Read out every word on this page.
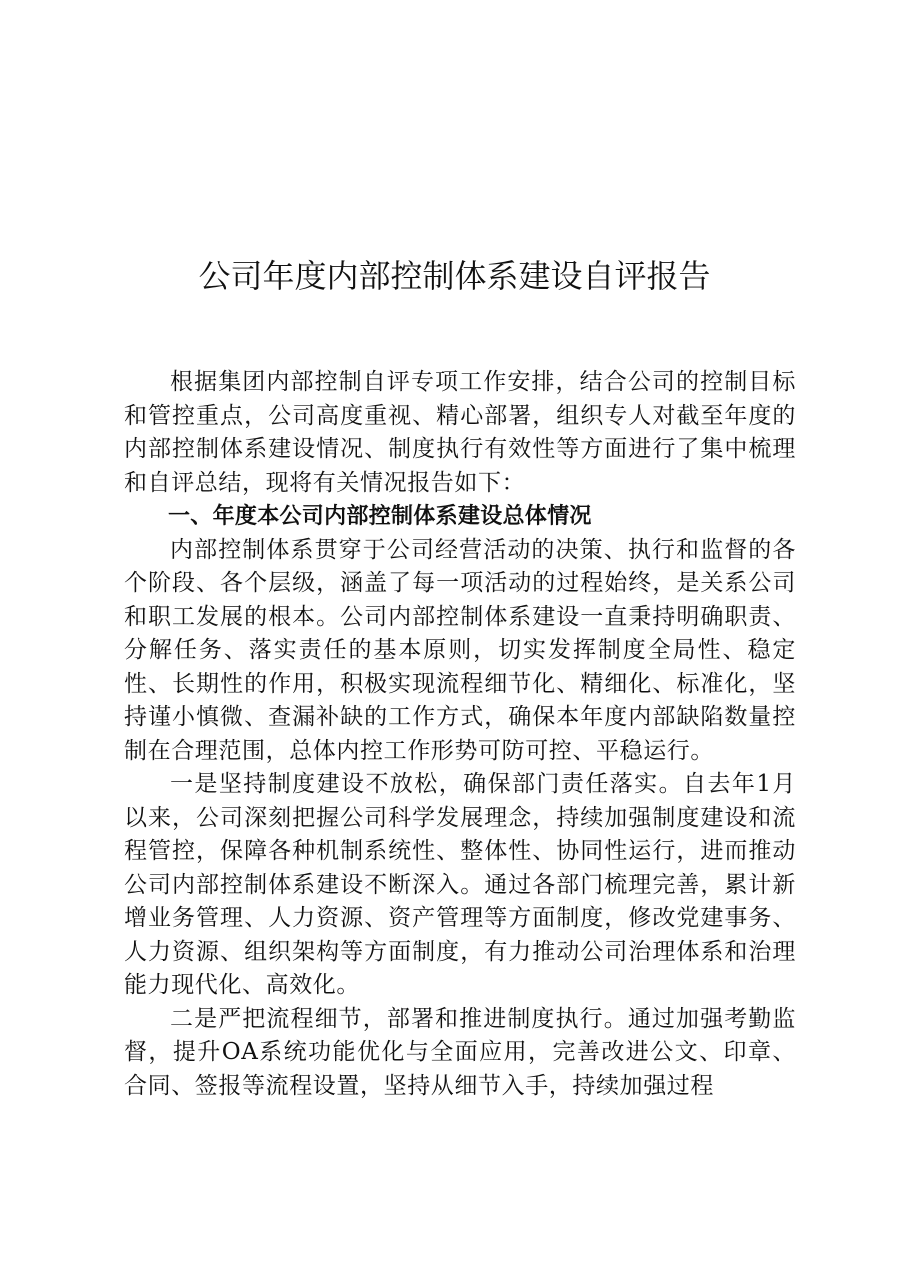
公司年度内部控制体系建设自评报告

根据集团内部控制自评专项工作安排，结合公司的控制目标和管控重点，公司高度重视、精心部署，组织专人对截至年度的内部控制体系建设情况、制度执行有效性等方面进行了集中梳理和自评总结，现将有关情况报告如下：

一、年度本公司内部控制体系建设总体情况

内部控制体系贯穿于公司经营活动的决策、执行和监督的各个阶段、各个层级，涵盖了每一项活动的过程始终，是关系公司和职工发展的根本。公司内部控制体系建设一直秉持明确职责、分解任务、落实责任的基本原则，切实发挥制度全局性、稳定性、长期性的作用，积极实现流程细节化、精细化、标准化，坚持谨小慎微、查漏补缺的工作方式，确保本年度内部缺陷数量控制在合理范围，总体内控工作形势可防可控、平稳运行。

一是坚持制度建设不放松，确保部门责任落实。自去年1月以来，公司深刻把握公司科学发展理念，持续加强制度建设和流程管控，保障各种机制系统性、整体性、协同性运行，进而推动公司内部控制体系建设不断深入。通过各部门梳理完善，累计新增业务管理、人力资源、资产管理等方面制度，修改党建事务、人力资源、组织架构等方面制度，有力推动公司治理体系和治理能力现代化、高效化。

二是严把流程细节，部署和推进制度执行。通过加强考勤监督，提升OA系统功能优化与全面应用，完善改进公文、印章、合同、签报等流程设置，坚持从细节入手，持续加强过程
